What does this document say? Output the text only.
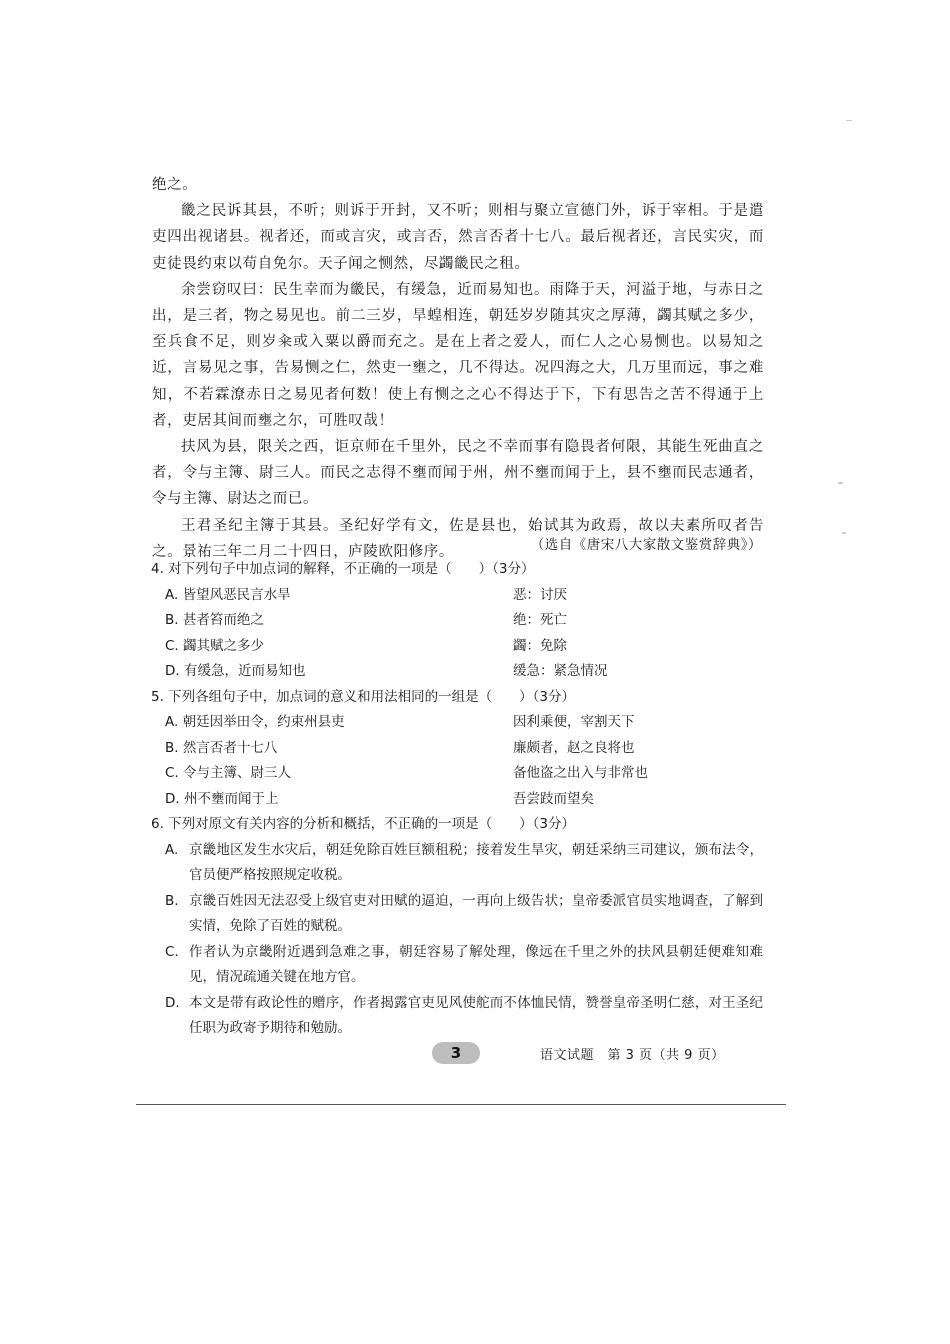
绝之。

畿之民诉其县，不听；则诉于开封，又不听；则相与聚立宣德门外，诉于宰相。于是遣吏四出视诸县。视者还，而或言灾，或言否，然言否者十七八。最后视者还，言民实灾，而吏徒畏约束以苟自免尔。天子闻之恻然，尽蠲畿民之租。

余尝窃叹曰：民生幸而为畿民，有缓急，近而易知也。雨降于天，河溢于地，与赤日之出，是三者，物之易见也。前二三岁，旱蝗相连，朝廷岁岁随其灾之厚薄，蠲其赋之多少，至兵食不足，则岁籴或入粟以爵而充之。是在上者之爱人，而仁人之心易恻也。以易知之近，言易见之事，告易恻之仁，然吏一壅之，几不得达。况四海之大，几万里而远，事之难知，不若霖潦赤日之易见者何数！使上有恻之之心不得达于下，下有思告之苦不得通于上者，吏居其间而壅之尔，可胜叹哉！

扶风为县，限关之西，讵京师在千里外，民之不幸而事有隐畏者何限，其能生死曲直之者，令与主簿、尉三人。而民之志得不壅而闻于州，州不壅而闻于上，县不壅而民志通者，令与主簿、尉达之而已。

王君圣纪主簿于其县。圣纪好学有文，佐是县也，始试其为政焉，故以夫素所叹者告之。景祐三年二月二十四日，庐陵欧阳修序。	（选自《唐宋八大家散文鉴赏辞典》）

4. 对下列句子中加点词的解释，不正确的一项是（　　）（3分）

A. 皆望风恶民言水旱	恶：讨厌
B. 甚者笞而绝之	绝：死亡
C. 蠲其赋之多少	蠲：免除
D. 有缓急，近而易知也	缓急：紧急情况

5. 下列各组句子中，加点词的意义和用法相同的一组是（　　）（3分）

A. 朝廷因举田令，约束州县吏	因利乘便，宰割天下
B. 然言否者十七八	廉颇者，赵之良将也
C. 令与主簿、尉三人	备他盗之出入与非常也
D. 州不壅而闻于上	吾尝跂而望矣

6. 下列对原文有关内容的分析和概括，不正确的一项是（　　）（3分）

A. 京畿地区发生水灾后，朝廷免除百姓巨额租税；接着发生旱灾，朝廷采纳三司建议，颁布法令，官员便严格按照规定收税。
B. 京畿百姓因无法忍受上级官吏对田赋的逼迫，一再向上级告状；皇帝委派官员实地调查，了解到实情，免除了百姓的赋税。
C. 作者认为京畿附近遇到急难之事，朝廷容易了解处理，像远在千里之外的扶风县朝廷便难知难见，情况疏通关键在地方官。
D. 本文是带有政论性的赠序，作者揭露官吏见风使舵而不体恤民情，赞誉皇帝圣明仁慈，对王圣纪任职为政寄予期待和勉励。
3	语文试题　第 3 页（共 9 页）
